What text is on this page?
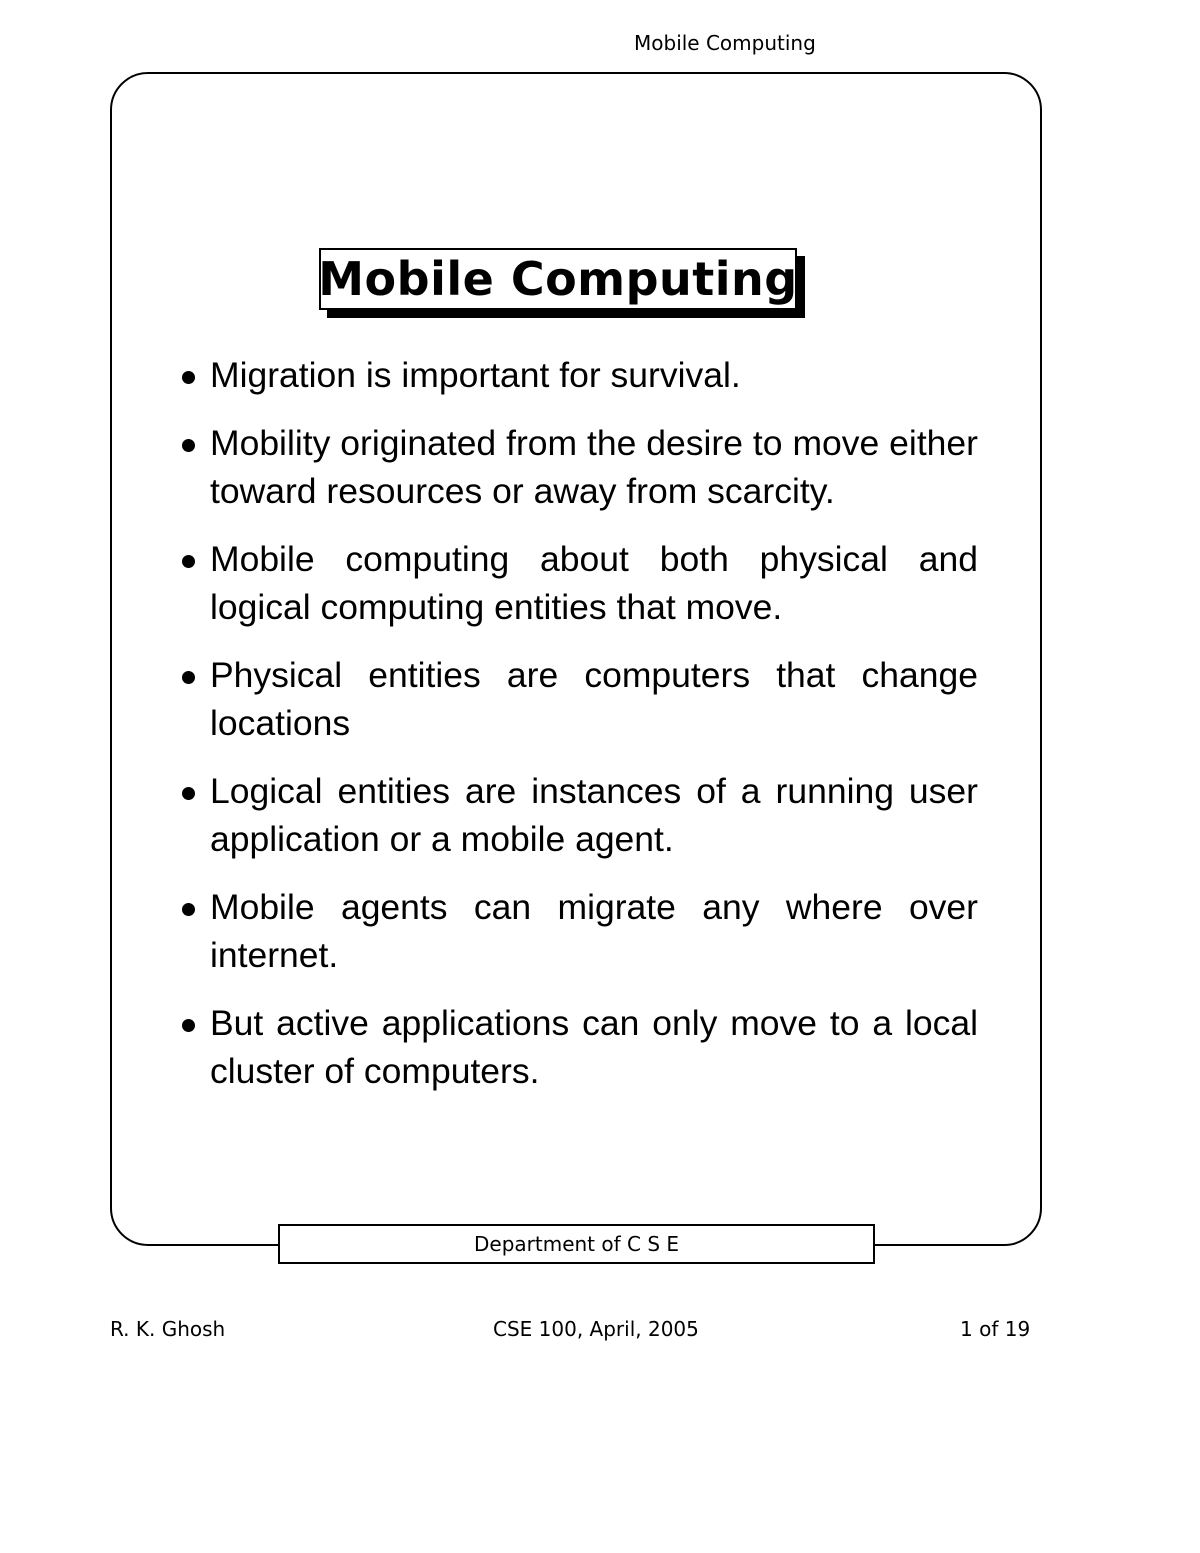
Mobile Computing
Mobile Computing
Migration is important for survival.
Mobility originated from the desire to move either toward resources or away from scarcity.
Mobile computing about both physical and logical computing entities that move.
Physical entities are computers that change locations
Logical entities are instances of a running user application or a mobile agent.
Mobile agents can migrate any where over internet.
But active applications can only move to a local cluster of computers.
Department of C S E
R. K. Ghosh	CSE 100, April, 2005	1 of 19
